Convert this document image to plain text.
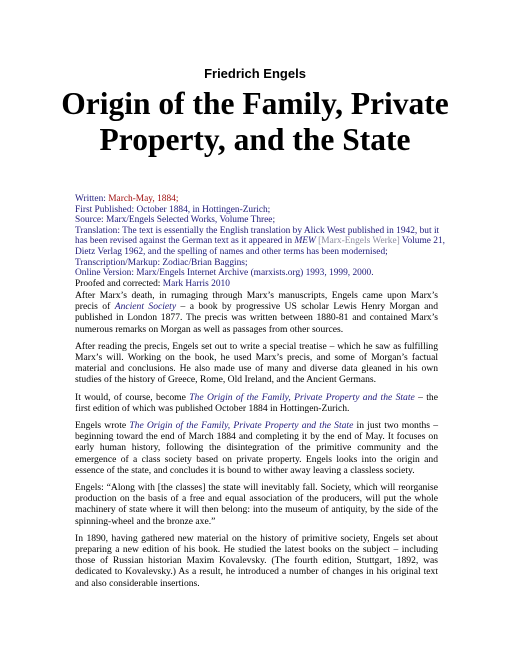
Friedrich Engels
Origin of the Family, Private Property, and the State
Written: March-May, 1884;
First Published: October 1884, in Hottingen-Zurich;
Source: Marx/Engels Selected Works, Volume Three;
Translation: The text is essentially the English translation by Alick West published in 1942, but it has been revised against the German text as it appeared in MEW [Marx-Engels Werke] Volume 21, Dietz Verlag 1962, and the spelling of names and other terms has been modernised;
Transcription/Markup: Zodiac/Brian Baggins;
Online Version: Marx/Engels Internet Archive (marxists.org) 1993, 1999, 2000.
Proofed and corrected: Mark Harris 2010

After Marx’s death, in rumaging through Marx’s manuscripts, Engels came upon Marx’s precis of Ancient Society – a book by progressive US scholar Lewis Henry Morgan and published in London 1877. The precis was written between 1880-81 and contained Marx’s numerous remarks on Morgan as well as passages from other sources.

After reading the precis, Engels set out to write a special treatise – which he saw as fulfilling Marx’s will. Working on the book, he used Marx’s precis, and some of Morgan’s factual material and conclusions. He also made use of many and diverse data gleaned in his own studies of the history of Greece, Rome, Old Ireland, and the Ancient Germans.

It would, of course, become The Origin of the Family, Private Property and the State – the first edition of which was published October 1884 in Hottingen-Zurich.

Engels wrote The Origin of the Family, Private Property and the State in just two months – beginning toward the end of March 1884 and completing it by the end of May. It focuses on early human history, following the disintegration of the primitive community and the emergence of a class society based on private property. Engels looks into the origin and essence of the state, and concludes it is bound to wither away leaving a classless society.

Engels: “Along with [the classes] the state will inevitably fall. Society, which will reorganise production on the basis of a free and equal association of the producers, will put the whole machinery of state where it will then belong: into the museum of antiquity, by the side of the spinning-wheel and the bronze axe.”

In 1890, having gathered new material on the history of primitive society, Engels set about preparing a new edition of his book. He studied the latest books on the subject – including those of Russian historian Maxim Kovalevsky. (The fourth edition, Stuttgart, 1892, was dedicated to Kovalevsky.) As a result, he introduced a number of changes in his original text and also considerable insertions.
